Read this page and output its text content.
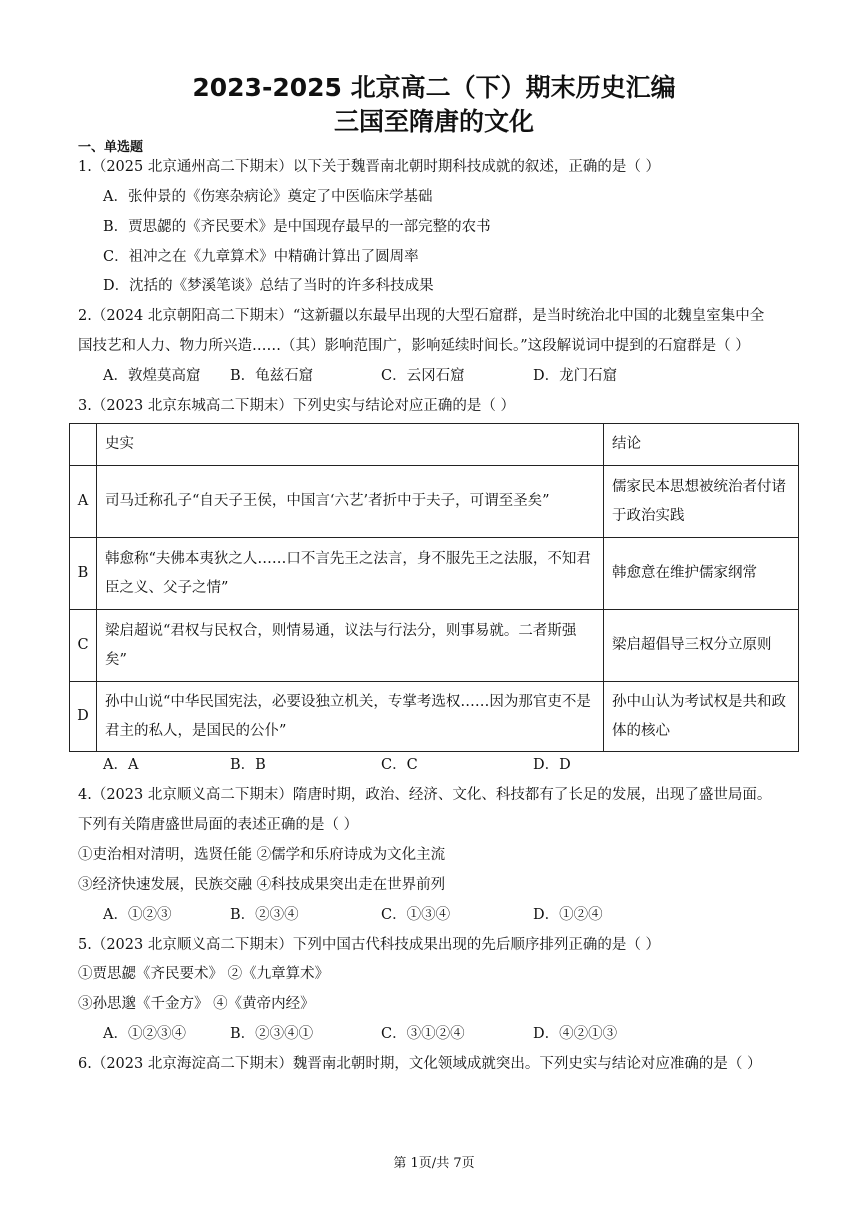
2023-2025 北京高二（下）期末历史汇编
三国至隋唐的文化
一、单选题
1.（2025 北京通州高二下期末）以下关于魏晋南北朝时期科技成就的叙述，正确的是（ ）
A．张仲景的《伤寒杂病论》奠定了中医临床学基础
B．贾思勰的《齐民要术》是中国现存最早的一部完整的农书
C．祖冲之在《九章算术》中精确计算出了圆周率
D．沈括的《梦溪笔谈》总结了当时的许多科技成果
2.（2024 北京朝阳高二下期末）“这新疆以东最早出现的大型石窟群，是当时统治北中国的北魏皇室集中全
国技艺和人力、物力所兴造……（其）影响范围广，影响延续时间长。”这段解说词中提到的石窟群是（ ）
A．敦煌莫高窟 B．龟兹石窟	C．云冈石窟	D．龙门石窟
3.（2023 北京东城高二下期末）下列史实与结论对应正确的是（ ）
	史实	结论
A	司马迁称孔子“自天子王侯，中国言‘六艺’者折中于夫子，可谓至圣矣”	儒家民本思想被统治者付诸于政治实践
B	韩愈称“夫佛本夷狄之人……口不言先王之法言，身不服先王之法服，不知君臣之义、父子之情”	韩愈意在维护儒家纲常
C	梁启超说“君权与民权合，则情易通，议法与行法分，则事易就。二者斯强矣”	梁启超倡导三权分立原则
D	孙中山说“中华民国宪法，必要设独立机关，专掌考选权……因为那官吏不是君主的私人，是国民的公仆”	孙中山认为考试权是共和政体的核心
A．A	B．B	C．C	D．D
4.（2023 北京顺义高二下期末）隋唐时期，政治、经济、文化、科技都有了长足的发展，出现了盛世局面。
下列有关隋唐盛世局面的表述正确的是（ ）
①吏治相对清明，选贤任能 ②儒学和乐府诗成为文化主流
③经济快速发展，民族交融 ④科技成果突出走在世界前列
A．①②③	B．②③④	C．①③④	D．①②④
5.（2023 北京顺义高二下期末）下列中国古代科技成果出现的先后顺序排列正确的是（ ）
①贾思勰《齐民要术》 ②《九章算术》
③孙思邈《千金方》 ④《黄帝内经》
A．①②③④	B．②③④①	C．③①②④	D．④②①③
6.（2023 北京海淀高二下期末）魏晋南北朝时期，文化领域成就突出。下列史实与结论对应准确的是（ ）
第 1页/共 7页
